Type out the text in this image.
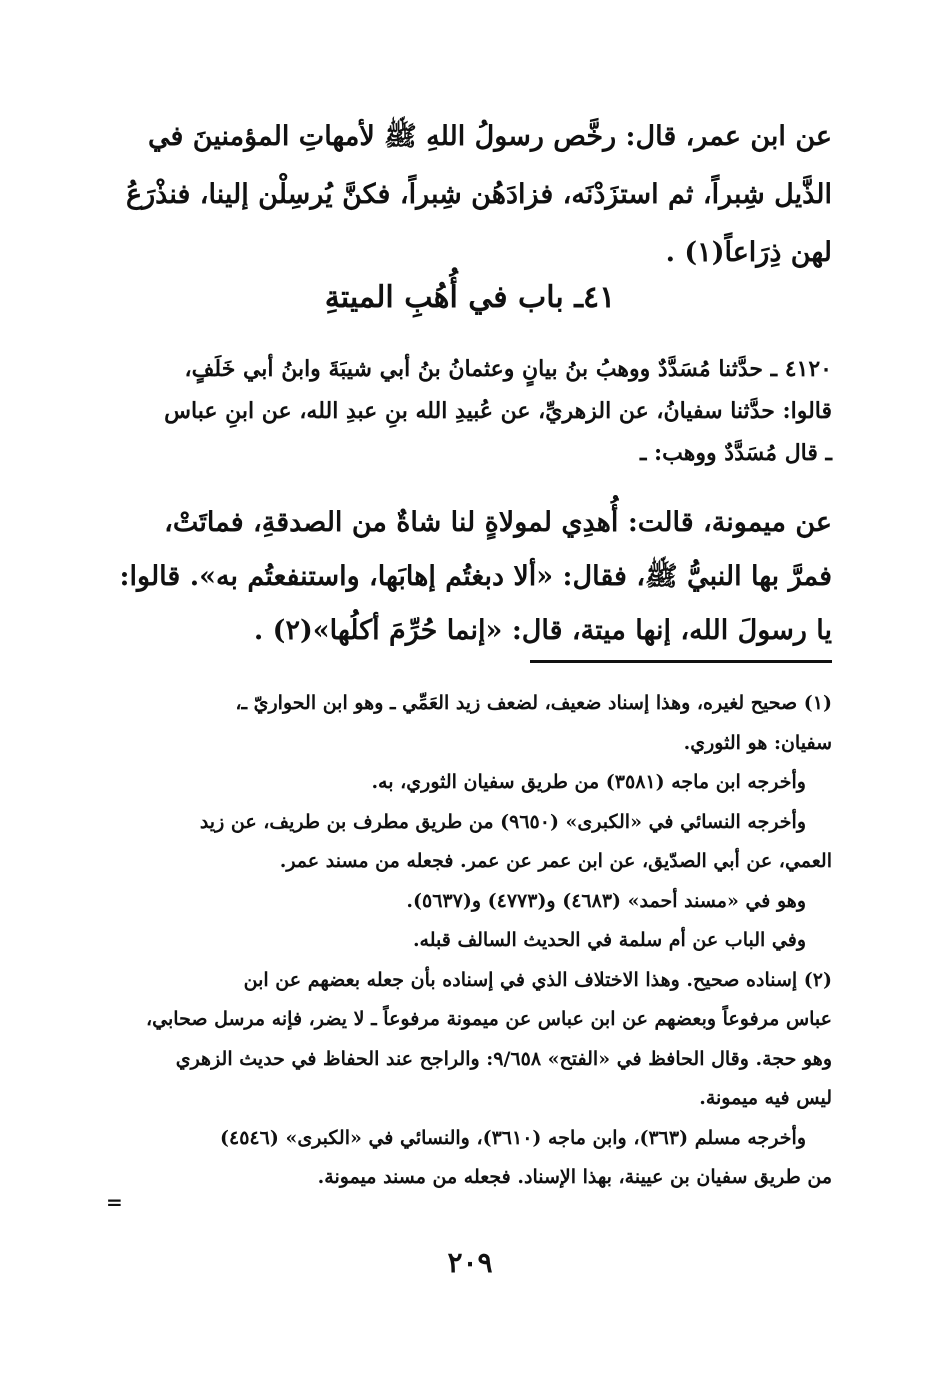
عن ابن عمر، قال: رخَّص رسولُ اللهِ ﷺ لأمهاتِ المؤمنينَ في
الذَّيل شِبراً، ثم استزَدْنَه، فزادَهُن شِبراً، فكنَّ يُرسِلْن إلينا، فنذْرَعُ
لهن ذِرَاعاً(١) .
٤١ـ باب في أُهُبِ الميتةِ
٤١٢٠ ـ حدَّثنا مُسَدَّدٌ ووهبُ بنُ بيانٍ وعثمانُ بنُ أبي شيبَةَ وابنُ أبي خَلَفٍ،
قالوا: حدَّثنا سفيانُ، عن الزهريِّ، عن عُبيدِ الله بنِ عبدِ الله، عن ابنِ عباس
ـ قال مُسَدَّدٌ ووهب: ـ
عن ميمونة، قالت: أُهدِي لمولاةٍ لنا شاةٌ من الصدقةِ، فماتَتْ،
فمرَّ بها النبيُّ ﷺ، فقال: «ألا دبغتُم إهابَها، واستنفعتُم به». قالوا:
يا رسولَ الله، إنها ميتة، قال: «إنما حُرِّمَ أكلُها»(٢) .
(١) صحيح لغيره، وهذا إسناد ضعيف، لضعف زيد العَمِّي ـ وهو ابن الحواريّ ـ،
سفيان: هو الثوري.
وأخرجه ابن ماجه (٣٥٨١) من طريق سفيان الثوري، به.
وأخرجه النسائي في «الكبرى» (٩٦٥٠) من طريق مطرف بن طريف، عن زيد
العمي، عن أبي الصدّيق، عن ابن عمر عن عمر. فجعله من مسند عمر.
وهو في «مسند أحمد» (٤٦٨٣) و(٤٧٧٣) و(٥٦٣٧).
وفي الباب عن أم سلمة في الحديث السالف قبله.
(٢) إسناده صحيح. وهذا الاختلاف الذي في إسناده بأن جعله بعضهم عن ابن
عباس مرفوعاً وبعضهم عن ابن عباس عن ميمونة مرفوعاً ـ لا يضر، فإنه مرسل صحابي،
وهو حجة. وقال الحافظ في «الفتح» ٩/٦٥٨: والراجح عند الحفاظ في حديث الزهري
ليس فيه ميمونة.
وأخرجه مسلم (٣٦٣)، وابن ماجه (٣٦١٠)، والنسائي في «الكبرى» (٤٥٤٦)
من طريق سفيان بن عيينة، بهذا الإسناد. فجعله من مسند ميمونة.
=
٢٠٩
